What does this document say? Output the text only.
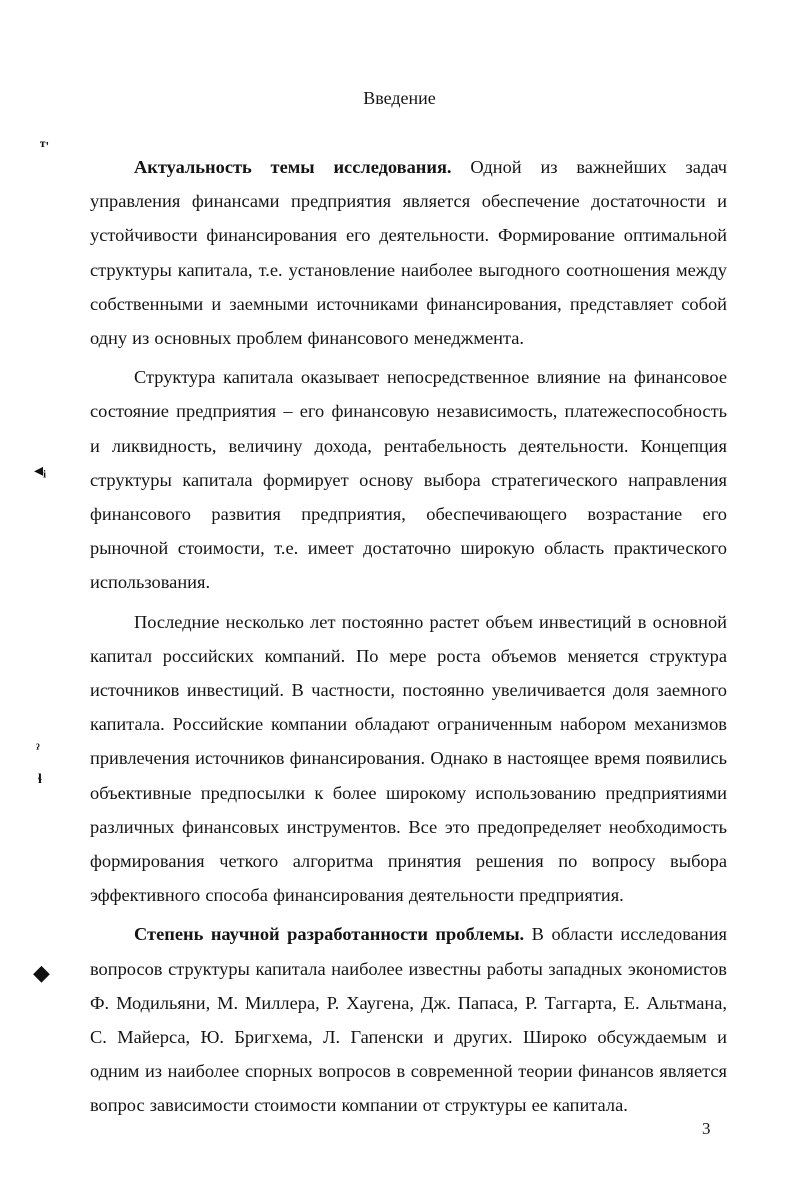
ᵀ'
◂ᵢ
ˀ
ɬ
◆
Введение

Актуальность темы исследования. Одной из важнейших задач управления финансами предприятия является обеспечение достаточности и устойчивости финансирования его деятельности. Формирование оптимальной структуры капитала, т.е. установление наиболее выгодного соотношения между собственными и заемными источниками финансирования, представляет собой одну из основных проблем финансового менеджмента.

Структура капитала оказывает непосредственное влияние на финансовое состояние предприятия – его финансовую независимость, платежеспособность и ликвидность, величину дохода, рентабельность деятельности. Концепция структуры капитала формирует основу выбора стратегического направления финансового развития предприятия, обеспечивающего возрастание его рыночной стоимости, т.е. имеет достаточно широкую область практического использования.

Последние несколько лет постоянно растет объем инвестиций в основной капитал российских компаний. По мере роста объемов меняется структура источников инвестиций. В частности, постоянно увеличивается доля заемного капитала. Российские компании обладают ограниченным набором механизмов привлечения источников финансирования. Однако в настоящее время появились объективные предпосылки к более широкому использованию предприятиями различных финансовых инструментов. Все это предопределяет необходимость формирования четкого алгоритма принятия решения по вопросу выбора эффективного способа финансирования деятельности предприятия.

Степень научной разработанности проблемы. В области исследования вопросов структуры капитала наиболее известны работы западных экономистов Ф. Модильяни, М. Миллера, Р. Хаугена, Дж. Папаса, Р. Таггарта, Е. Альтмана, С. Майерса, Ю. Бригхема, Л. Гапенски и других. Широко обсуждаемым и одним из наиболее спорных вопросов в современной теории финансов является вопрос зависимости стоимости компании от структуры ее капитала.

3
